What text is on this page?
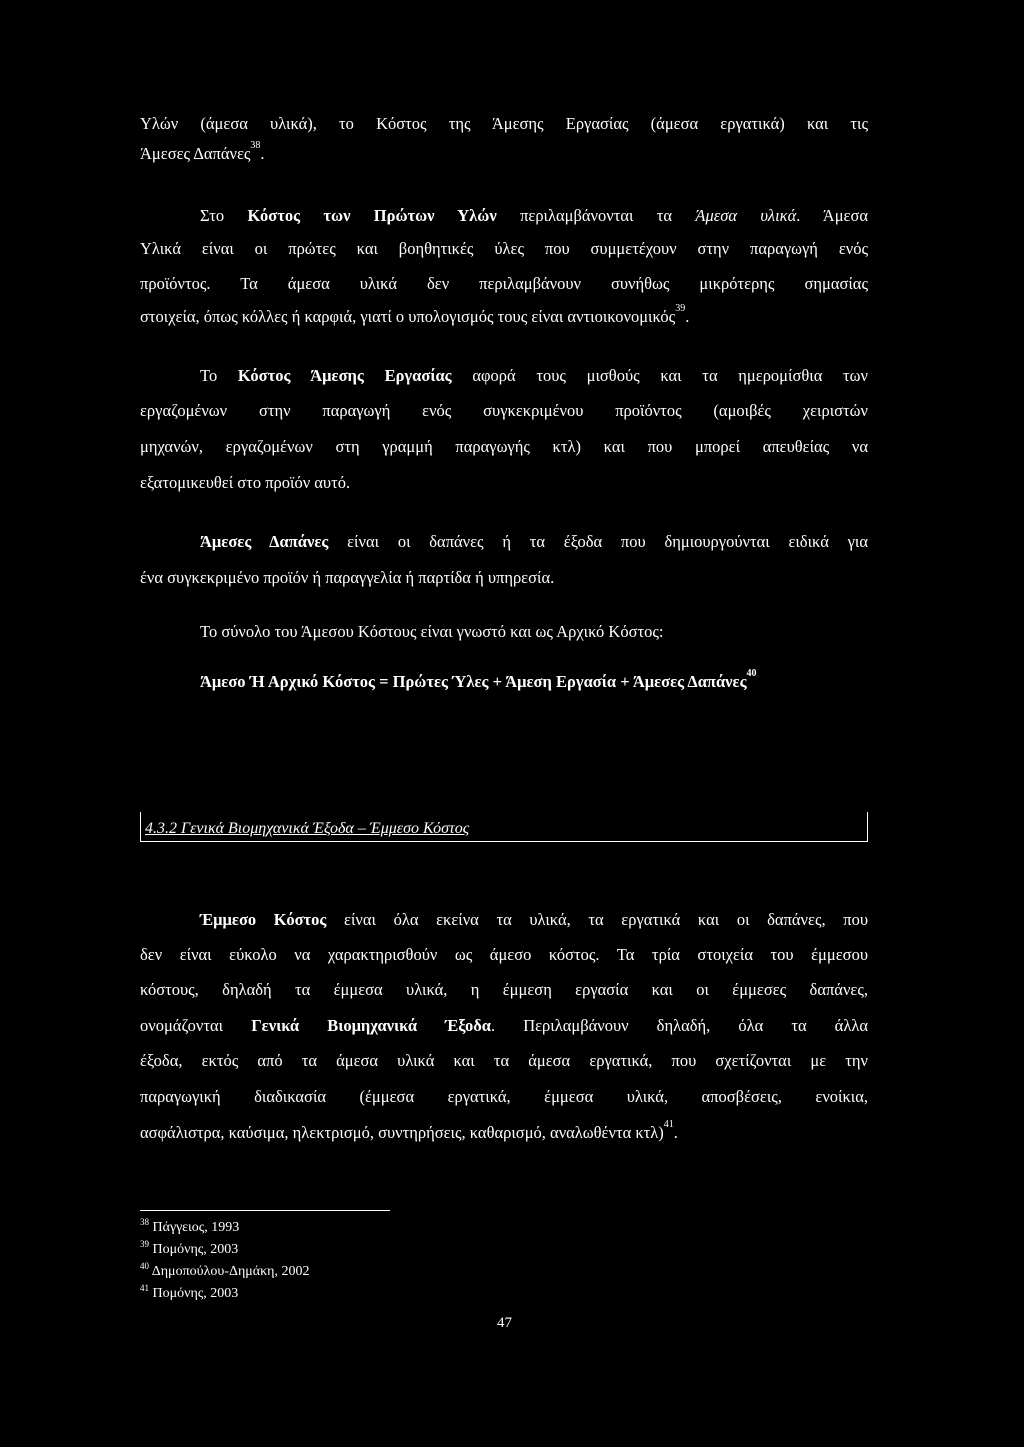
Υλών (άμεσα υλικά), το Κόστος της Άμεσης Εργασίας (άμεσα εργατικά) και τις
Άμεσες Δαπάνες$^{38}$.
Στο Κόστος των Πρώτων Υλών περιλαμβάνονται τα Άμεσα υλικά. Άμεσα
Υλικά είναι οι πρώτες και βοηθητικές ύλες που συμμετέχουν στην παραγωγή ενός
προϊόντος. Τα άμεσα υλικά δεν περιλαμβάνουν συνήθως μικρότερης σημασίας
στοιχεία, όπως κόλλες ή καρφιά, γιατί ο υπολογισμός τους είναι αντιοικονομικός$^{39}$.
Το Κόστος Άμεσης Εργασίας αφορά τους μισθούς και τα ημερομίσθια των
εργαζομένων στην παραγωγή ενός συγκεκριμένου προϊόντος (αμοιβές χειριστών
μηχανών, εργαζομένων στη γραμμή παραγωγής κτλ) και που μπορεί απευθείας να
εξατομικευθεί στο προϊόν αυτό.
Άμεσες Δαπάνες είναι οι δαπάνες ή τα έξοδα που δημιουργούνται ειδικά για
ένα συγκεκριμένο προϊόν ή παραγγελία ή παρτίδα ή υπηρεσία.
Το σύνολο του Άμεσου Κόστους είναι γνωστό και ως Αρχικό Κόστος:
Άμεσο Ή Αρχικό Κόστος = Πρώτες Ύλες + Άμεση Εργασία + Άμεσες Δαπάνες$^{40}$
4.3.2 Γενικά Βιομηχανικά Έξοδα – Έμμεσο Κόστος
Έμμεσο Κόστος είναι όλα εκείνα τα υλικά, τα εργατικά και οι δαπάνες, που
δεν είναι εύκολο να χαρακτηρισθούν ως άμεσο κόστος. Τα τρία στοιχεία του έμμεσου
κόστους, δηλαδή τα έμμεσα υλικά, η έμμεση εργασία και οι έμμεσες δαπάνες,
ονομάζονται Γενικά Βιομηχανικά Έξοδα. Περιλαμβάνουν δηλαδή, όλα τα άλλα
έξοδα, εκτός από τα άμεσα υλικά και τα άμεσα εργατικά, που σχετίζονται με την
παραγωγική διαδικασία (έμμεσα εργατικά, έμμεσα υλικά, αποσβέσεις, ενοίκια,
ασφάλιστρα, καύσιμα, ηλεκτρισμό, συντηρήσεις, καθαρισμό, αναλωθέντα κτλ)$^{41}$.
$^{38}$ Πάγγειος, 1993
$^{39}$ Πομόνης, 2003
$^{40}$ Δημοπούλου-Δημάκη, 2002
$^{41}$ Πομόνης, 2003
47
